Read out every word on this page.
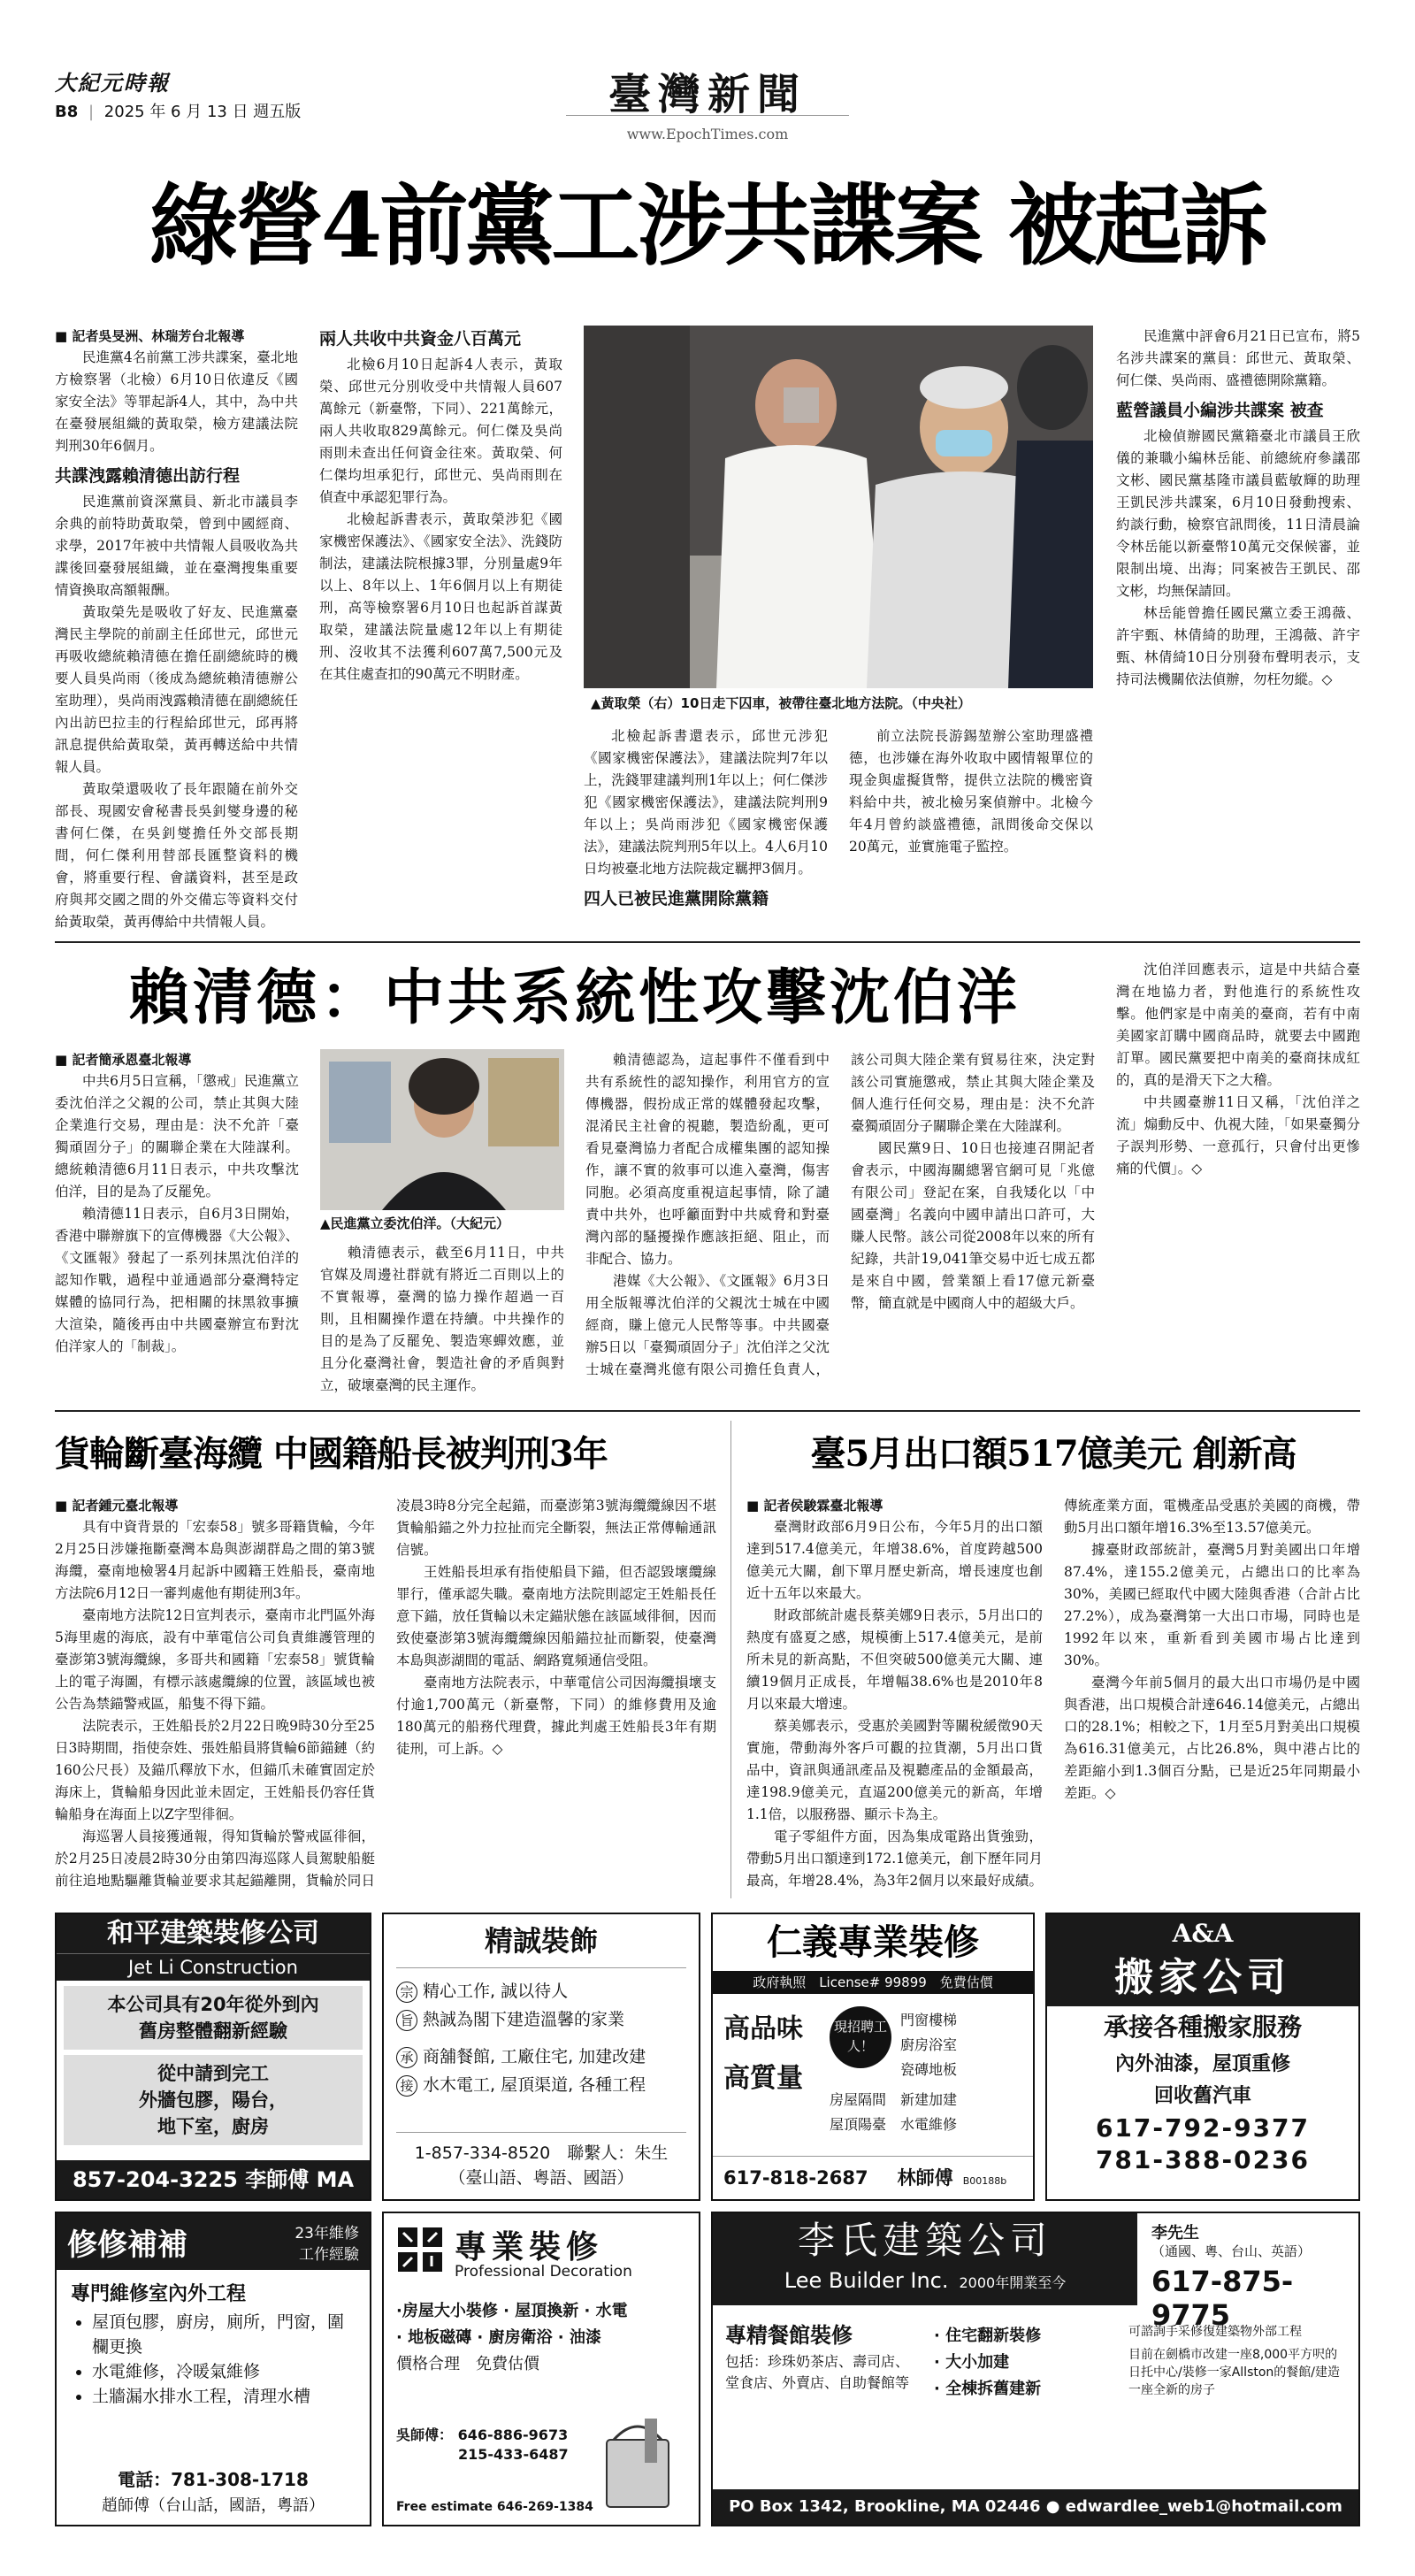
大紀元時報
B8 | 2025 年 6 月 13 日 週五版	臺灣新聞
www.EpochTimes.com
綠營4前黨工涉共諜案 被起訴
■ 記者吳旻洲、林瑞芳台北報導

民進黨4名前黨工涉共諜案，臺北地方檢察署（北檢）6月10日依違反《國家安全法》等罪起訴4人，其中，為中共在臺發展組織的黃取榮，檢方建議法院判刑30年6個月。

共諜洩露賴清德出訪行程

民進黨前資深黨員、新北市議員李余典的前特助黃取榮，曾到中國經商、求學，2017年被中共情報人員吸收為共諜後回臺發展組織，並在臺灣搜集重要情資換取高額報酬。

黃取榮先是吸收了好友、民進黨臺灣民主學院的前副主任邱世元，邱世元再吸收總統賴清德在擔任副總統時的機要人員吳尚雨（後成為總統賴清德辦公室助理），吳尚雨洩露賴清德在副總統任內出訪巴拉圭的行程給邱世元，邱再將訊息提供給黃取榮，黃再轉送給中共情報人員。

黃取榮還吸收了長年跟隨在前外交部長、現國安會秘書長吳釗燮身邊的秘書何仁傑，在吳釗燮擔任外交部長期間，何仁傑利用替部長匯整資料的機會，將重要行程、會議資料，甚至是政府與邦交國之間的外交備忘等資料交付給黃取榮，黃再傳給中共情報人員。

兩人共收中共資金八百萬元

北檢6月10日起訴4人表示，黃取榮、邱世元分別收受中共情報人員607萬餘元（新臺幣，下同）、221萬餘元，兩人共收取829萬餘元。何仁傑及吳尚雨則未查出任何資金往來。黃取榮、何仁傑均坦承犯行，邱世元、吳尚雨則在偵查中承認犯罪行為。

北檢起訴書表示，黃取榮涉犯《國家機密保護法》、《國家安全法》、洗錢防制法，建議法院根據3罪，分別量處9年以上、8年以上、1年6個月以上有期徒刑，高等檢察署6月10日也起訴首謀黃取榮，建議法院量處12年以上有期徒刑、沒收其不法獲利607萬7,500元及在其住處查扣的90萬元不明財產。

▲黃取榮（右）10日走下囚車，被帶往臺北地方法院。（中央社）

北檢起訴書還表示，邱世元涉犯《國家機密保護法》，建議法院判7年以上，洗錢罪建議判刑1年以上；何仁傑涉犯《國家機密保護法》，建議法院判刑9年以上；吳尚雨涉犯《國家機密保護法》，建議法院判刑5年以上。4人6月10日均被臺北地方法院裁定羈押3個月。

四人已被民進黨開除黨籍

前立法院長游錫堃辦公室助理盛禮德，也涉嫌在海外收取中國情報單位的現金與虛擬貨幣，提供立法院的機密資料給中共，被北檢另案偵辦中。北檢今年4月曾約談盛禮德，訊問後命交保以20萬元，並實施電子監控。

民進黨中評會6月21日已宣布，將5名涉共諜案的黨員：邱世元、黃取榮、何仁傑、吳尚雨、盛禮德開除黨籍。

藍營議員小編涉共諜案 被查

北檢偵辦國民黨籍臺北市議員王欣儀的兼職小編林岳能、前總統府參議邵文彬、國民黨基隆市議員藍敏輝的助理王凱民涉共諜案，6月10日發動搜索、約談行動，檢察官訊問後，11日清晨論令林岳能以新臺幣10萬元交保候審，並限制出境、出海；同案被告王凱民、邵文彬，均無保請回。

林岳能曾擔任國民黨立委王鴻薇、許宇甄、林倩綺的助理，王鴻薇、許宇甄、林倩綺10日分別發布聲明表示，支持司法機關依法偵辦，勿枉勿縱。◇

賴清德：中共系統性攻擊沈伯洋
■ 記者簡承恩臺北報導

中共6月5日宣稱，「懲戒」民進黨立委沈伯洋之父親的公司，禁止其與大陸企業進行交易，理由是：決不允許「臺獨頑固分子」的關聯企業在大陸謀利。總統賴清德6月11日表示，中共攻擊沈伯洋，目的是為了反罷免。

賴清德11日表示，自6月3日開始，香港中聯辦旗下的宣傳機器《大公報》、《文匯報》發起了一系列抹黑沈伯洋的認知作戰，過程中並通過部分臺灣特定媒體的協同行為，把相關的抹黑敘事擴大渲染，隨後再由中共國臺辦宣布對沈伯洋家人的「制裁」。

▲民進黨立委沈伯洋。（大紀元）

賴清德表示，截至6月11日，中共官媒及周邊社群就有將近二百則以上的不實報導，臺灣的協力操作超過一百則，且相關操作還在持續。中共操作的目的是為了反罷免、製造寒蟬效應，並且分化臺灣社會，製造社會的矛盾與對立，破壞臺灣的民主運作。

賴清德認為，這起事件不僅看到中共有系統性的認知操作，利用官方的宣傳機器，假扮成正常的媒體發起攻擊，混淆民主社會的視聽，製造紛亂，更可看見臺灣協力者配合成權集團的認知操作，讓不實的敘事可以進入臺灣，傷害同胞。必須高度重視這起事情，除了譴責中共外，也呼籲面對中共威脅和對臺灣內部的騷擾操作應該拒絕、阻止，而非配合、協力。

港媒《大公報》、《文匯報》6月3日用全版報導沈伯洋的父親沈士城在中國經商，賺上億元人民幣等事。中共國臺辦5日以「臺獨頑固分子」沈伯洋之父沈士城在臺灣兆億有限公司擔任負責人，該公司與大陸企業有貿易往來，決定對該公司實施懲戒，禁止其與大陸企業及個人進行任何交易，理由是：決不允許臺獨頑固分子關聯企業在大陸謀利。

國民黨9日、10日也接連召開記者會表示，中國海關總署官網可見「兆億有限公司」登記在案，自我矮化以「中國臺灣」名義向中國申請出口許可，大賺人民幣。該公司從2008年以來的所有紀錄，共計19,041筆交易中近七成五都是來自中國，營業額上看17億元新臺幣，簡直就是中國商人中的超級大戶。

沈伯洋回應表示，這是中共結合臺灣在地協力者，對他進行的系統性攻擊。他們家是中南美的臺商，若有中南美國家訂購中國商品時，就要去中國跑訂單。國民黨要把中南美的臺商抹成紅的，真的是滑天下之大稽。

中共國臺辦11日又稱，「沈伯洋之流」煽動反中、仇視大陸，「如果臺獨分子誤判形勢、一意孤行，只會付出更慘痛的代價」。◇

貨輪斷臺海纜 中國籍船長被判刑3年
■ 記者鍾元臺北報導

具有中資背景的「宏泰58」號多哥籍貨輪，今年2月25日涉嫌拖斷臺灣本島與澎湖群島之間的第3號海纜，臺南地檢署4月起訴中國籍王姓船長，臺南地方法院6月12日一審判處他有期徒刑3年。

臺南地方法院12日宣判表示，臺南市北門區外海5海里處的海底，設有中華電信公司負責維護管理的臺澎第3號海纜線，多哥共和國籍「宏泰58」號貨輪上的電子海圖，有標示該處纜線的位置，該區域也被公告為禁錨警戒區，船隻不得下錨。

法院表示，王姓船長於2月22日晚9時30分至25日3時期間，指使奈姓、張姓船員將貨輪6節錨鏈（約160公尺長）及錨爪釋放下水，但錨爪未確實固定於海床上，貨輪船身因此並未固定，王姓船長仍容任貨輪船身在海面上以Z字型徘徊。

海巡署人員接獲通報，得知貨輪於警戒區徘徊，於2月25日凌晨2時30分由第四海巡隊人員駕駛船艇前往追地點驅離貨輪並要求其起錨離開，貨輪於同日凌晨3時8分完全起錨，而臺澎第3號海纜纜線因不堪貨輪船錨之外力拉扯而完全斷裂，無法正常傳輸通訊信號。

王姓船長坦承有指使船員下錨，但否認毀壞纜線罪行，僅承認失職。臺南地方法院則認定王姓船長任意下錨，放任貨輪以未定錨狀態在該區域徘徊，因而致使臺澎第3號海纜纜線因船錨拉扯而斷裂，使臺灣本島與澎湖間的電話、網路寬頻通信受阻。

臺南地方法院表示，中華電信公司因海纜損壞支付逾1,700萬元（新臺幣，下同）的維修費用及逾180萬元的船務代理費，據此判處王姓船長3年有期徒刑，可上訴。◇

臺5月出口額517億美元 創新高
■ 記者侯駿霖臺北報導

臺灣財政部6月9日公布，今年5月的出口額達到517.4億美元，年增38.6%，首度跨越500億美元大關，創下單月歷史新高，增長速度也創近十五年以來最大。

財政部統計處長蔡美娜9日表示，5月出口的熱度有盛夏之感，規模衝上517.4億美元，是前所未見的新高點，不但突破500億美元大關、連續19個月正成長，年增幅38.6%也是2010年8月以來最大增速。

蔡美娜表示，受惠於美國對等關稅緩徵90天實施，帶動海外客戶可觀的拉貨潮，5月出口貨品中，資訊與通訊產品及視聽產品的金額最高，達198.9億美元，直逼200億美元的新高，年增1.1倍，以服務器、顯示卡為主。

電子零組件方面，因為集成電路出貨強勁，帶動5月出口額達到172.1億美元，創下歷年同月最高，年增28.4%，為3年2個月以來最好成績。傳統產業方面，電機產品受惠於美國的商機，帶動5月出口額年增16.3%至13.57億美元。

據臺財政部統計，臺灣5月對美國出口年增87.4%，達155.2億美元，占總出口的比率為30%，美國已經取代中國大陸與香港（合計占比27.2%），成為臺灣第一大出口市場，同時也是1992年以來，重新看到美國市場占比達到30%。

臺灣今年前5個月的最大出口市場仍是中國與香港，出口規模合計達646.14億美元，占總出口的28.1%；相較之下，1月至5月對美出口規模為616.31億美元，占比26.8%，與中港占比的差距縮小到1.3個百分點，已是近25年同期最小差距。◇

和平建築裝修公司
Jet Li Construction
本公司具有20年從外到內
舊房整體翻新經驗
從中請到完工
外牆包膠，陽台，
地下室，廚房
857-204-3225 李師傅 MA
精誠裝飾
宗 精心工作, 誠以待人
旨 熱誠為閣下建造溫馨的家業
承 商舖餐館, 工廠住宅, 加建改建
接 水木電工, 屋頂渠道, 各種工程
1-857-334-8520　聯繫人：朱生
（臺山語、粵語、國語）
仁義專業裝修
政府執照　License# 99899　免費估價
高品味
高質量
現招聘工人！
門窗樓梯
廚房浴室
瓷磚地板
房屋隔間　新建加建
屋頂陽臺　水電維修
617-818-2687 林師傅 B00188b
A&A
搬家公司
承接各種搬家服務
內外油漆，屋頂重修
回收舊汽車
617-792-9377
781-388-0236
修修補補	23年維修
工作經驗
專門維修室內外工程
• 屋頂包膠，廚房，廁所，門窗，圍欄更換
• 水電維修，冷暖氣維修
• 土牆漏水排水工程，清理水槽
電話：781-308-1718
趙師傅（台山話，國語，粵語）
專業裝修
Professional Decoration
·房屋大小裝修 · 屋頂換新 · 水電
· 地板磁磚 · 廚房衛浴 · 油漆
價格合理　免費估價
吳師傅： 646-886-9673
215-433-6487
Free estimate 646-269-1384
李氏建築公司
Lee Builder Inc. 2000年開業至今
李先生
（通國、粵、台山、英語）
617-875-9775
專精餐館裝修
包括：珍珠奶茶店、壽司店、堂食店、外賣店、自助餐館等
· 住宅翻新裝修
· 大小加建
· 全棟拆舊建新
可諮詢手采修復建築物外部工程
目前在劍橋市改建一座8,000平方呎的日托中心/裝修一家Allston的餐館/建造一座全新的房子
PO Box 1342, Brookline, MA 02446 ● edwardlee_web1@hotmail.com
